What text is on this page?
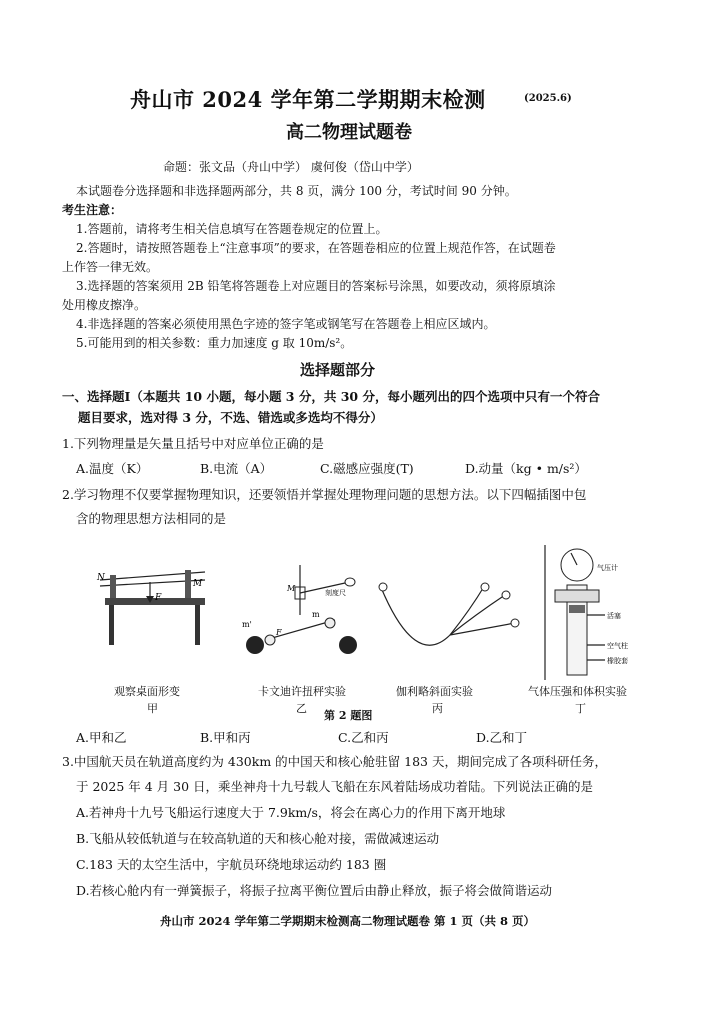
舟山市 2024 学年第二学期期末检测	(2025.6)
高二物理试题卷
命题：张文品（舟山中学） 虞何俊（岱山中学）
本试题卷分选择题和非选择题两部分，共 8 页，满分 100 分，考试时间 90 分钟。
考生注意：
1.答题前，请将考生相关信息填写在答题卷规定的位置上。
2.答题时，请按照答题卷上“注意事项”的要求，在答题卷相应的位置上规范作答，在试题卷
上作答一律无效。
3.选择题的答案须用 2B 铅笔将答题卷上对应题目的答案标号涂黑，如要改动，须将原填涂
处用橡皮擦净。
4.非选择题的答案必须使用黑色字迹的签字笔或钢笔写在答题卷上相应区域内。
5.可能用到的相关参数：重力加速度 g 取 10m/s²。
选择题部分
一、选择题Ⅰ（本题共 10 小题，每小题 3 分，共 30 分，每小题列出的四个选项中只有一个符合
题目要求，选对得 3 分，不选、错选或多选均不得分）
1.下列物理量是矢量且括号中对应单位正确的是
A.温度（K）	B.电流（A）	C.磁感应强度(T)	D.动量（kg • m/s²）
2.学习物理不仅要掌握物理知识，还要领悟并掌握处理物理问题的思想方法。以下四幅插图中包
含的物理思想方法相同的是
N
M
F
m'
M	刻度尺
m
F
气压计
活塞
空气柱
橡胶套
观察桌面形变
甲
卡文迪许扭秤实验
乙
伽利略斜面实验
丙
气体压强和体积实验
丁
第 2 题图
A.甲和乙	B.甲和丙	C.乙和丙	D.乙和丁
3.中国航天员在轨道高度约为 430km 的中国天和核心舱驻留 183 天，期间完成了各项科研任务，
于 2025 年 4 月 30 日，乘坐神舟十九号载人飞船在东风着陆场成功着陆。下列说法正确的是
A.若神舟十九号飞船运行速度大于 7.9km/s，将会在离心力的作用下离开地球
B.飞船从较低轨道与在较高轨道的天和核心舱对接，需做减速运动
C.183 天的太空生活中，宇航员环绕地球运动约 183 圈
D.若核心舱内有一弹簧振子，将振子拉离平衡位置后由静止释放，振子将会做简谐运动
舟山市 2024 学年第二学期期末检测高二物理试题卷 第 1 页（共 8 页）
